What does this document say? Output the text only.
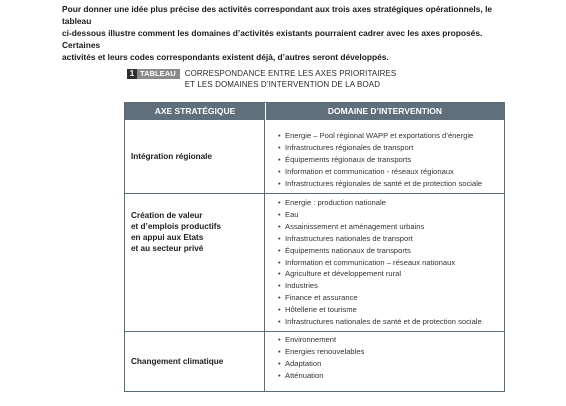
Pour donner une idée plus précise des activités correspondant aux trois axes stratégiques opérationnels, le tableau
ci-dessous illustre comment les domaines d’activités existants pourraient cadrer avec les axes proposés. Certaines
activités et leurs codes correspondants existent déjà, d’autres seront développés.
1 TABLEAU	CORRESPONDANCE ENTRE LES AXES PRIORITAIRES
ET LES DOMAINES D’INTERVENTION DE LA BOAD
AXE STRATÉGIQUE	DOMAINE D’INTERVENTION
Intégration régionale
• Energie – Pool régional WAPP et exportations d’énergie
• Infrastructures régionales de transport
• Équipements régionaux de transports
• Information et communication - réseaux régionaux
• Infrastructures régionales de santé et de protection sociale
Création de valeur
et d’emplois productifs
en appui aux Etats
et au secteur privé
• Energie : production nationale
• Eau
• Assainissement et aménagement urbains
• Infrastructures nationales de transport
• Équipements nationaux de transports
• Information et communication – réseaux nationaux
• Agriculture et développement rural
• Industries
• Finance et assurance
• Hôtellerie et tourisme
• Infrastructures nationales de santé et de protection sociale
Changement climatique
• Environnement
• Energies renouvelables
• Adaptation
• Atténuation
